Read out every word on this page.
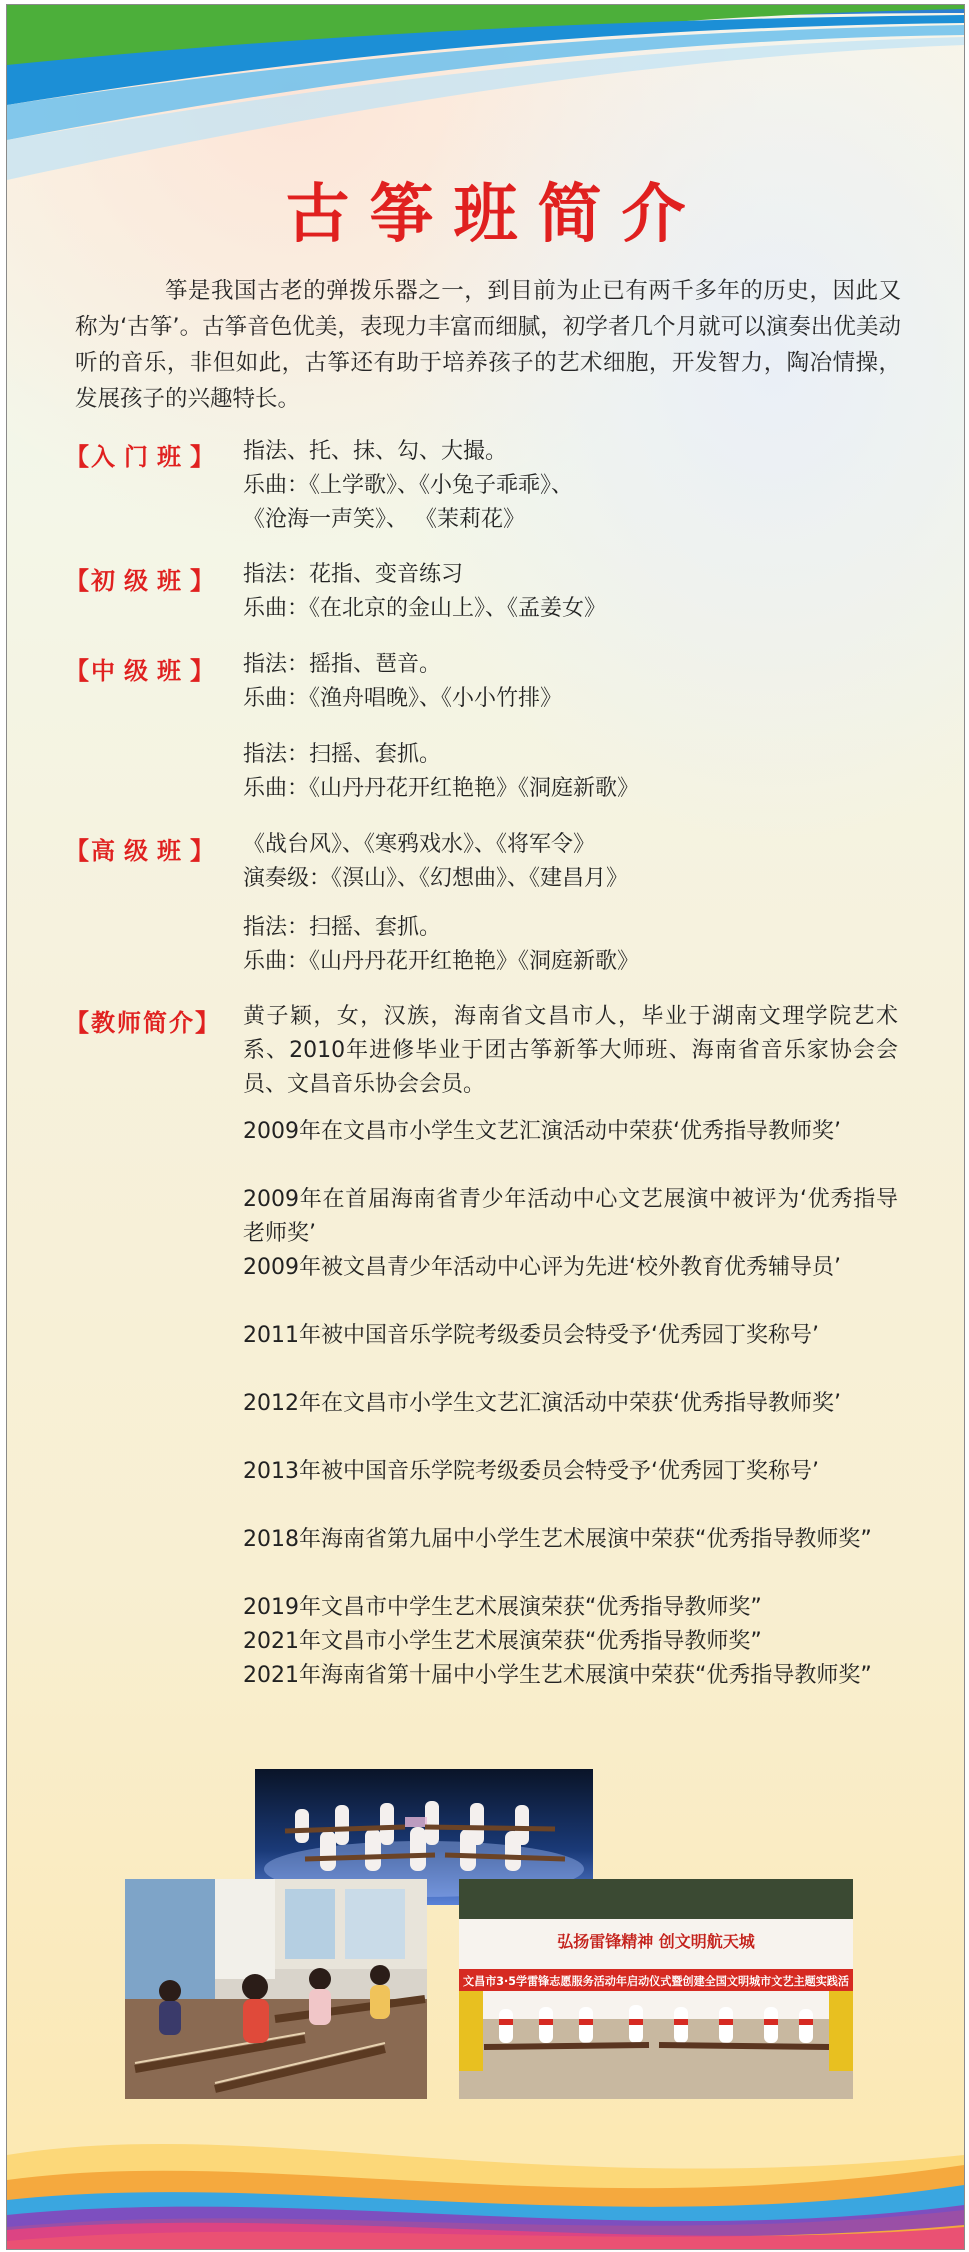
古筝班简介
筝是我国古老的弹拨乐器之一，到目前为止已有两千多年的历史，因此又称为‘古筝’。古筝音色优美，表现力丰富而细腻，初学者几个月就可以演奏出优美动听的音乐，非但如此，古筝还有助于培养孩子的艺术细胞，开发智力，陶冶情操，发展孩子的兴趣特长。
【入门班】	指法、托、抹、勾、大撮。
乐曲：《上学歌》、《小兔子乖乖》、
《沧海一声笑》、 《茉莉花》
【初级班】	指法：花指、变音练习
乐曲：《在北京的金山上》、《孟姜女》
【中级班】	指法：摇指、琶音。
乐曲：《渔舟唱晚》、《小小竹排》
指法：扫摇、套抓。
乐曲：《山丹丹花开红艳艳》《洞庭新歌》
【高级班】	《战台风》、《寒鸦戏水》、《将军令》
演奏级：《溟山》、《幻想曲》、《建昌月》
指法：扫摇、套抓。
乐曲：《山丹丹花开红艳艳》《洞庭新歌》
【教师简介】	黄子颖，女，汉族，海南省文昌市人，毕业于湖南文理学院艺术系、2010年进修毕业于团古筝新筝大师班、海南省音乐家协会会员、文昌音乐协会会员。
2009年在文昌市小学生文艺汇演活动中荣获‘优秀指导教师奖’
2009年在首届海南省青少年活动中心文艺展演中被评为‘优秀指导老师奖’
2009年被文昌青少年活动中心评为先进‘校外教育优秀辅导员’
2011年被中国音乐学院考级委员会特受予‘优秀园丁奖称号’
2012年在文昌市小学生文艺汇演活动中荣获‘优秀指导教师奖’
2013年被中国音乐学院考级委员会特受予‘优秀园丁奖称号’
2018年海南省第九届中小学生艺术展演中荣获“优秀指导教师奖”
2019年文昌市中学生艺术展演荣获“优秀指导教师奖”
2021年文昌市小学生艺术展演荣获“优秀指导教师奖”
2021年海南省第十届中小学生艺术展演中荣获“优秀指导教师奖”
弘扬雷锋精神 创文明航天城
文昌市3·5学雷锋志愿服务活动年启动仪式暨创建全国文明城市文艺主题实践活
